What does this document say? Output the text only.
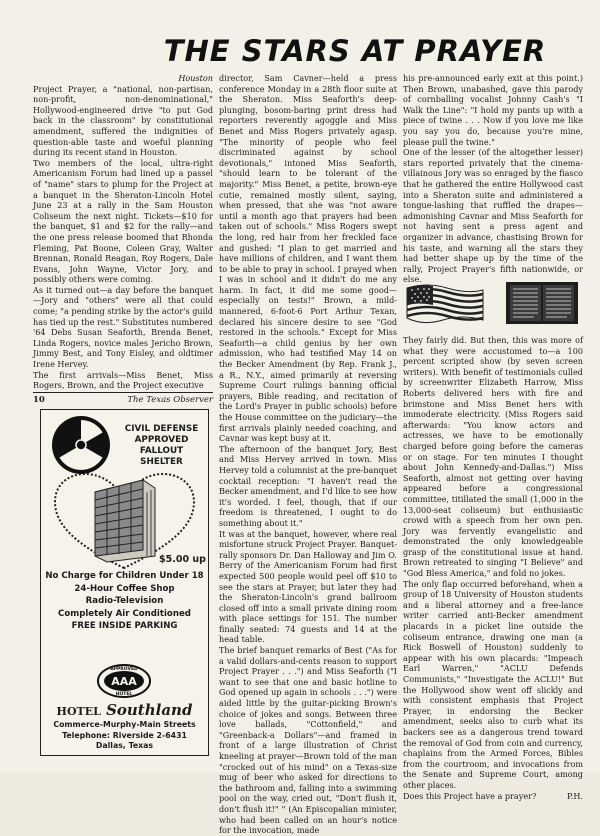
THE STARS AT PRAYER
Houston
Project Prayer, a "national, non-partisan, non-profit, non-denominational," Hollywood-engineered drive "to put God back in the classroom" by constitutional amendment, suffered the indignities of question-able taste and woeful planning during its recent stand in Houston.
Two members of the local, ultra-right Americanism Forum had lined up a passel of "name" stars to plump for the Project at a banquet in the Sheraton-Lincoln Hotel June 23 at a rally in the Sam Houston Coliseum the next night. Tickets—$10 for the banquet, $1 and $2 for the rally—and the one press release boomed that Rhonda Fleming, Pat Boone, Coleen Gray, Walter Brennan, Ronald Reagan, Roy Rogers, Dale Evans, John Wayne, Victor Jory, and possibly others were coming.
As it turned out—a day before the banquet—Jory and "others" were all that could come; "a pending strike by the actor's guild has tied up the rest." Substitutes numbered '64 Debs Susan Seaforth, Brenda Benet, Linda Rogers, novice males Jericho Brown, Jimmy Best, and Tony Eisley, and oldtimer Irene Hervey.
The first arrivals—Miss Benet, Miss Rogers, Brown, and the Project executive
director, Sam Cavner—held a press conference Monday in a 28th floor suite at the Sheraton. Miss Seaforth's deep-plunging, bosom-baring print dress had reporters reverently agoggle and Miss Benet and Miss Rogers privately agasp. "The minority of people who feel discriminated against by school devotionals," intoned Miss Seaforth, "should learn to be tolerant of the majority." Miss Benet, a petite, brown-eye cutie, remained mostly silent, saying, when pressed, that she was "not aware until a month ago that prayers had been taken out of schools." Miss Rogers swept the long, red hair from her freckled face and gushed: "I plan to get married and have millions of children, and I want them to be able to pray in school. I prayed when I was in school and it didn't do me any harm. In fact, it did me some good—especially on tests!" Brown, a mild-mannered, 6-foot-6 Port Arthur Texan, declared his sincere desire to see "God restored in the schools." Except for Miss Seaforth—a child genius by her own admission, who had testified May 14 on the Becker Amendment (by Rep. Frank J., a R., N.Y., aimed primarily at reversing Supreme Court rulings banning official prayers, Bible reading, and recitation of the Lord's Prayer in public schools) before the House committee on the judiciary—the first arrivals plainly needed coaching, and Cavnar was kept busy at it.
The afternoon of the banquet Jory, Best and Miss Hervey arrived in town. Miss Hervey told a columnist at the pre-banquet cocktail reception: "I haven't read the Becker amendment, and I'd like to see how it's worded. I feel, though, that if our freedom is threatened, I ought to do something about it."
It was at the banquet, however, where real misfortune struck Project Prayer. Banquet-rally sponsors Dr. Dan Halloway and Jim O. Berry of the Americanism Forum had first expected 500 people would peel off $10 to see the stars at Prayer, but later they had the Sheraton-Lincoln's grand ballroom closed off into a small private dining room with place settings for 151. The number finally seated: 74 guests and 14 at the head table.
The brief banquet remarks of Best ("As for a valid dollars-and-cents reason to support Project Prayer . . .") and Miss Seaforth ("I want to see that one and basic hotline to God opened up again in schools . . .") were aided little by the guitar-picking Brown's choice of jokes and songs. Between three love ballads, "Cottonfield," and "Greenback-a Dollars"—and framed in front of a large illustration of Christ kneeling at prayer—Brown told of the man "crocked out of his mind" on a Texas-size mug of beer who asked for directions to the bathroom and, falling into a swimming pool on the way, cried out, "Don't flush it, don't flush it!" " (An Episcopalian minister, who had been called on an hour's notice for the invocation, made
his pre-announced early exit at this point.) Then Brown, unabashed, gave this parody of cornballing vocalist Johnny Cash's "I Walk the Line": "I hold my pants up with a piece of twine . . . Now if you love me like you say you do, because you're mine, please pull the twine."
One of the lesser (of the altogether lesser) stars reported privately that the cinema-villainous Jory was so enraged by the fiasco that he gathered the entire Hollywood cast into a Sheraton suite and administered a tongue-lashing that ruffled the drapes—admonishing Cavnar and Miss Seaforth for not having sent a press agent and organizer in advance, chastising Brown for his taste, and warning all the stars they had better shape up by the time of the rally, Project Prayer's fifth nationwide, or else.
They fairly did. But then, this was more of what they were accustomed to—a 100 percent scripted show (by seven screen writers). With benefit of testimonials culled by screenwriter Elizabeth Harrow, Miss Roberts delivered hers with fire and brimstone and Miss Benet hers with immoderate electricity. (Miss Rogers said afterwards: "You know actors and actresses, we have to be emotionally charged before going before the cameras or on stage. For ten minutes I thought about John Kennedy-and-Dallas.") Miss Seaforth, almost not getting over having appeared before a congressional committee, titillated the small (1,000 in the 13,000-seat coliseum) but enthusiastic crowd with a speech from her own pen. Jory was fervently evangelistic and demonstrated the only knowledgeable grasp of the constitutional issue at hand. Brown retreated to singing "I Believe" and "God Bless America," and fold no jokes.
The only flap occurred beforehand, when a group of 18 University of Houston students and a liberal attorney and a free-lance writer carried anti-Becker amendment placards in a picket line outside the coliseum entrance, drawing one man (a Rick Boswell of Houston) suddenly to appear with his own placards: "Impeach Earl Warren," "ACLU Defends Communists," "Investigate the ACLU!" But the Hollywood show went off slickly and with consistent emphasis that Project Prayer, in endorsing the Becker amendment, seeks also to curb what its backers see as a dangerous trend toward the removal of God from coin and currency, chaplains from the Armed Forces, Bibles from the courtroom, and invocations from the Senate and Supreme Court, among other places.
Does this Project have a prayer?	P.H.
10	The Texas Observer
CIVIL DEFENSE
APPROVED
FALLOUT SHELTER
$5.00 up
No Charge for Children Under 18
24-Hour Coffee Shop
Radio-Television
Completely Air Conditioned
FREE INSIDE PARKING
APPROVED
AAA
HOTEL
HOTEL Southland
Commerce-Murphy-Main Streets
Telephone: Riverside 2-6431
Dallas, Texas
